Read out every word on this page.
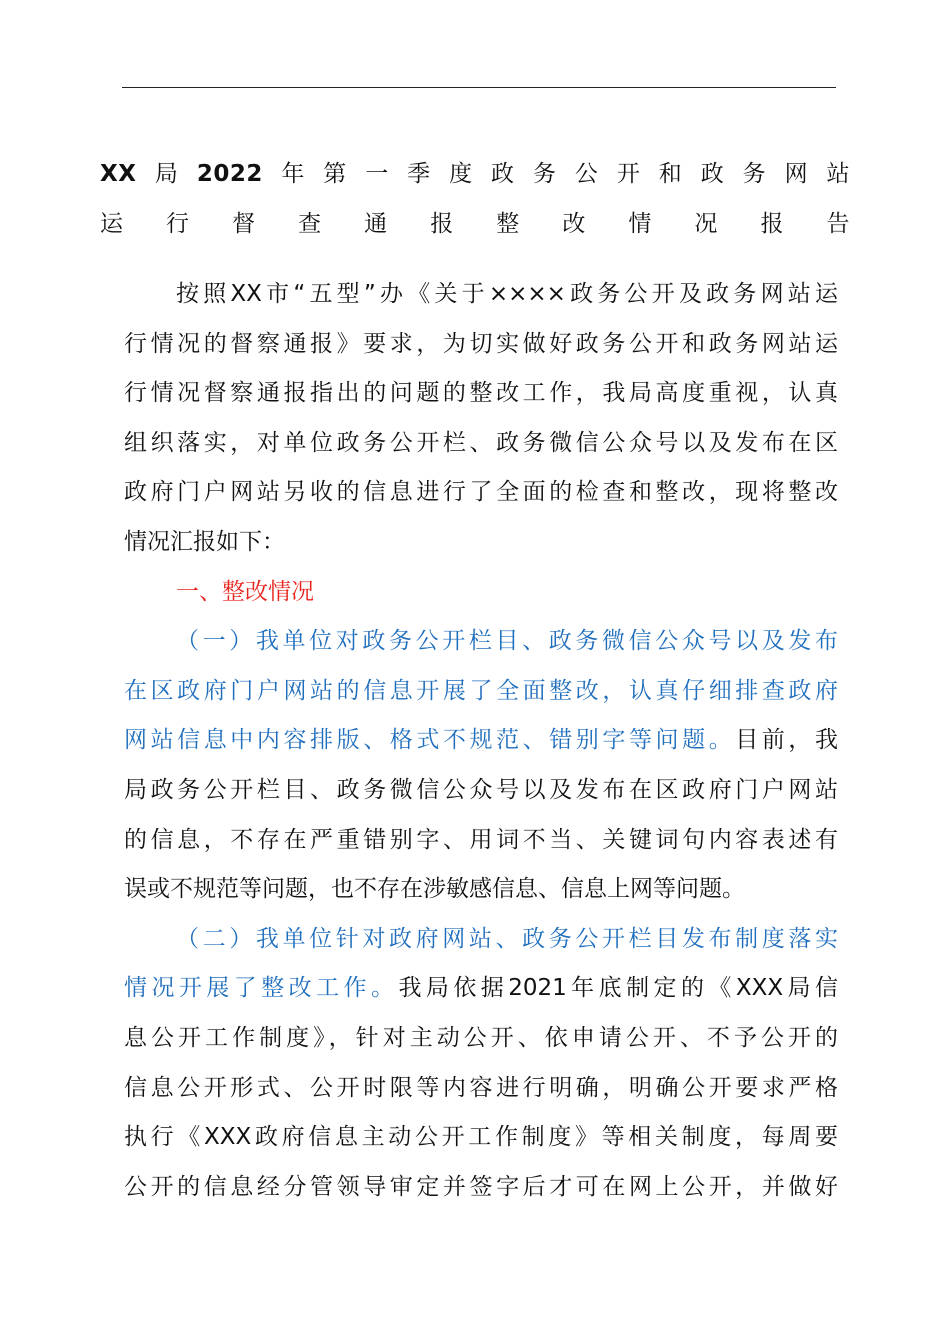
XX局2022年第一季度政务公开和政务网站
运行督查通报整改情况报告
按照XX市“五型”办《关于××××政务公开及政务网站运
行情况的督察通报》要求，为切实做好政务公开和政务网站运
行情况督察通报指出的问题的整改工作，我局高度重视，认真
组织落实，对单位政务公开栏、政务微信公众号以及发布在区
政府门户网站另收的信息进行了全面的检查和整改，现将整改
情况汇报如下：
一、整改情况
（一）我单位对政务公开栏目、政务微信公众号以及发布
在区政府门户网站的信息开展了全面整改，认真仔细排查政府
网站信息中内容排版、格式不规范、错别字等问题。目前，我
局政务公开栏目、政务微信公众号以及发布在区政府门户网站
的信息，不存在严重错别字、用词不当、关键词句内容表述有
误或不规范等问题，也不存在涉敏感信息、信息上网等问题。
（二）我单位针对政府网站、政务公开栏目发布制度落实
情况开展了整改工作。我局依据2021年底制定的《XXX局信
息公开工作制度》，针对主动公开、依申请公开、不予公开的
信息公开形式、公开时限等内容进行明确，明确公开要求严格
执行《XXX政府信息主动公开工作制度》等相关制度，每周要
公开的信息经分管领导审定并签字后才可在网上公开，并做好
